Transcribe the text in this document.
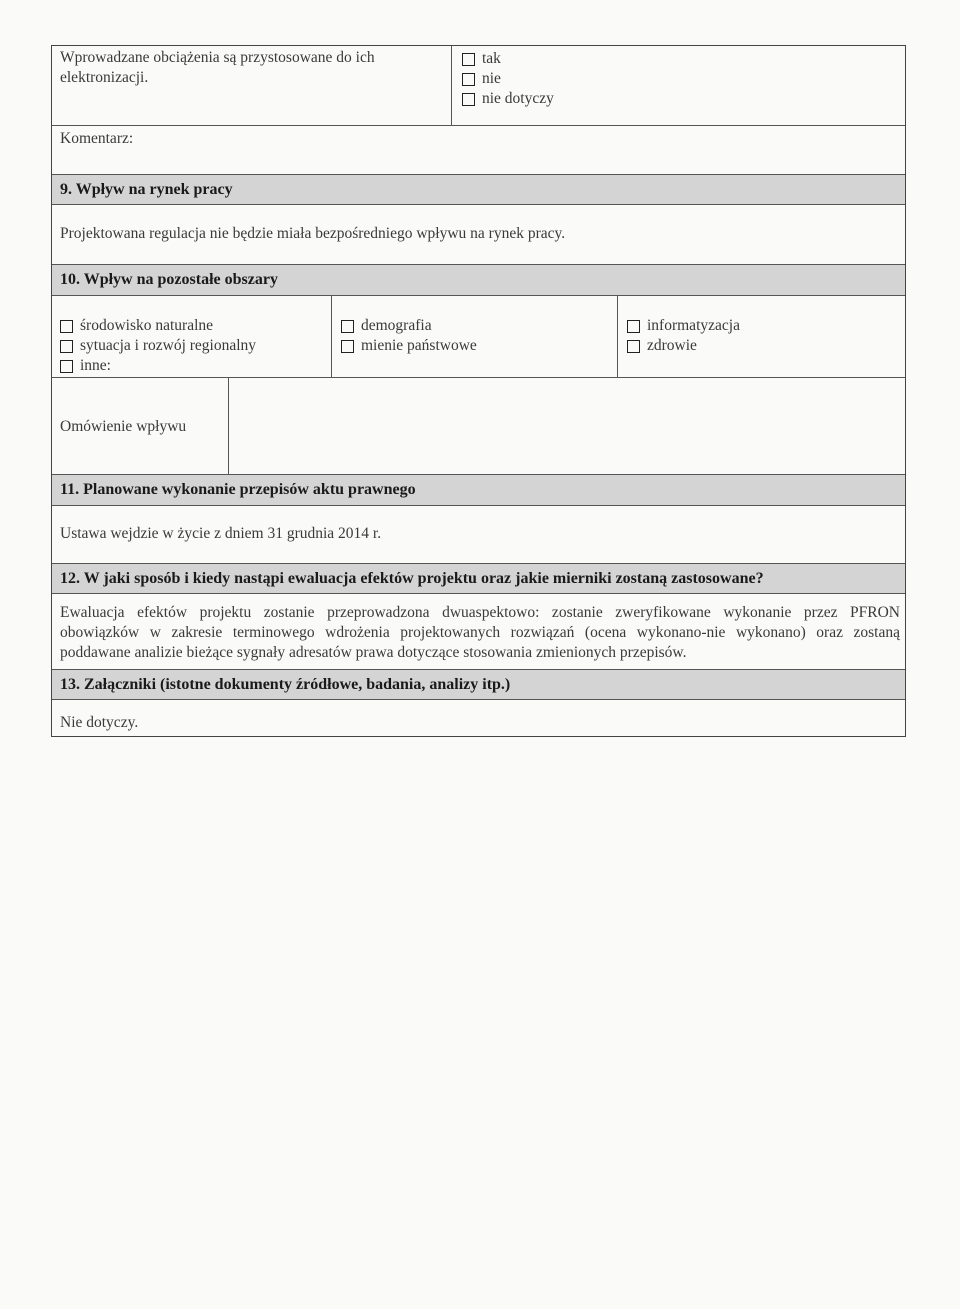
Wprowadzane obciążenia są przystosowane do ich elektronizacji.
tak
nie
nie dotyczy
Komentarz:
9. Wpływ na rynek pracy
Projektowana regulacja nie będzie miała bezpośredniego wpływu na rynek pracy.
10. Wpływ na pozostałe obszary
środowisko naturalne
sytuacja i rozwój regionalny
inne:
demografia
mienie państwowe
informatyzacja
zdrowie
Omówienie wpływu
11. Planowane wykonanie przepisów aktu prawnego
Ustawa wejdzie w życie z dniem 31 grudnia 2014 r.
12. W jaki sposób i kiedy nastąpi ewaluacja efektów projektu oraz jakie mierniki zostaną zastosowane?
Ewaluacja efektów projektu zostanie przeprowadzona dwuaspektowo: zostanie zweryfikowane wykonanie przez PFRON
obowiązków w zakresie terminowego wdrożenia projektowanych rozwiązań (ocena wykonano-nie wykonano) oraz zostaną
poddawane analizie bieżące sygnały adresatów prawa dotyczące stosowania zmienionych przepisów.
13. Załączniki (istotne dokumenty źródłowe, badania, analizy itp.)
Nie dotyczy.
